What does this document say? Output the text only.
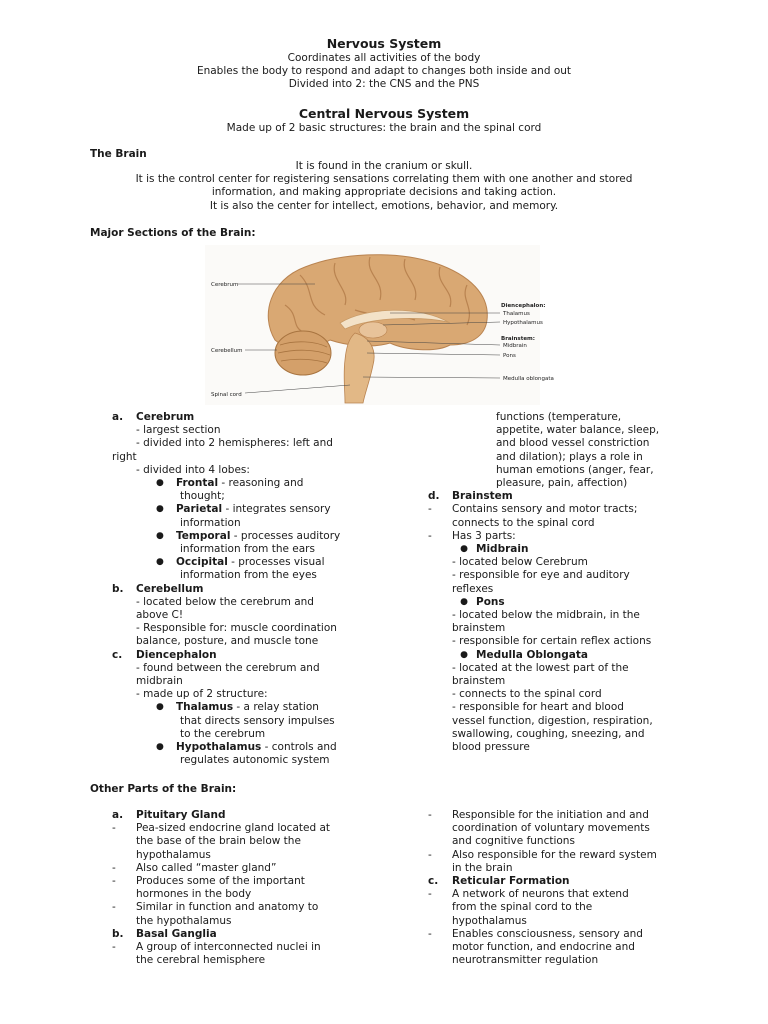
Nervous System
Coordinates all activities of the body
Enables the body to respond and adapt to changes both inside and out
Divided into 2: the CNS and the PNS
Central Nervous System
Made up of 2 basic structures: the brain and the spinal cord
The Brain
It is found in the cranium or skull.
It is the control center for registering sensations correlating them with one another and stored
information, and making appropriate decisions and taking action.
It is also the center for intellect, emotions, behavior, and memory.
Major Sections of the Brain:
Cerebrum
Cerebellum
Spinal cord
Diencephalon:
Thalamus
Hypothalamus
Brainstem:
Midbrain
Pons
Medulla oblongata
a.	Cerebrum
- largest section
- divided into 2 hemispheres: left and
right
- divided into 4 lobes:
●	Frontal - reasoning and
thought;
●	Parietal - integrates sensory
information
●	Temporal - processes auditory
information from the ears
●	Occipital - processes visual
information from the eyes
b.	Cerebellum
- located below the cerebrum and
above C!
- Responsible for: muscle coordination
balance, posture, and muscle tone
c.	Diencephalon
- found between the cerebrum and
midbrain
- made up of 2 structure:
●	Thalamus - a relay station
that directs sensory impulses
to the cerebrum
●	Hypothalamus - controls and
regulates autonomic system
functions (temperature,
appetite, water balance, sleep,
and blood vessel constriction
and dilation); plays a role in
human emotions (anger, fear,
pleasure, pain, affection)
d.	Brainstem
-	Contains sensory and motor tracts;
connects to the spinal cord
-	Has 3 parts:
● Midbrain
- located below Cerebrum
- responsible for eye and auditory
reflexes
● Pons
- located below the midbrain, in the
brainstem
- responsible for certain reflex actions
● Medulla Oblongata
- located at the lowest part of the
brainstem
- connects to the spinal cord
- responsible for heart and blood
vessel function, digestion, respiration,
swallowing, coughing, sneezing, and
blood pressure
Other Parts of the Brain:
a.	Pituitary Gland
-	Pea-sized endocrine gland located at
the base of the brain below the
hypothalamus
-	Also called “master gland”
-	Produces some of the important
hormones in the body
-	Similar in function and anatomy to
the hypothalamus
b.	Basal Ganglia
-	A group of interconnected nuclei in
the cerebral hemisphere
-	Responsible for the initiation and and
coordination of voluntary movements
and cognitive functions
-	Also responsible for the reward system
in the brain
c.	Reticular Formation
-	A network of neurons that extend
from the spinal cord to the
hypothalamus
-	Enables consciousness, sensory and
motor function, and endocrine and
neurotransmitter regulation
